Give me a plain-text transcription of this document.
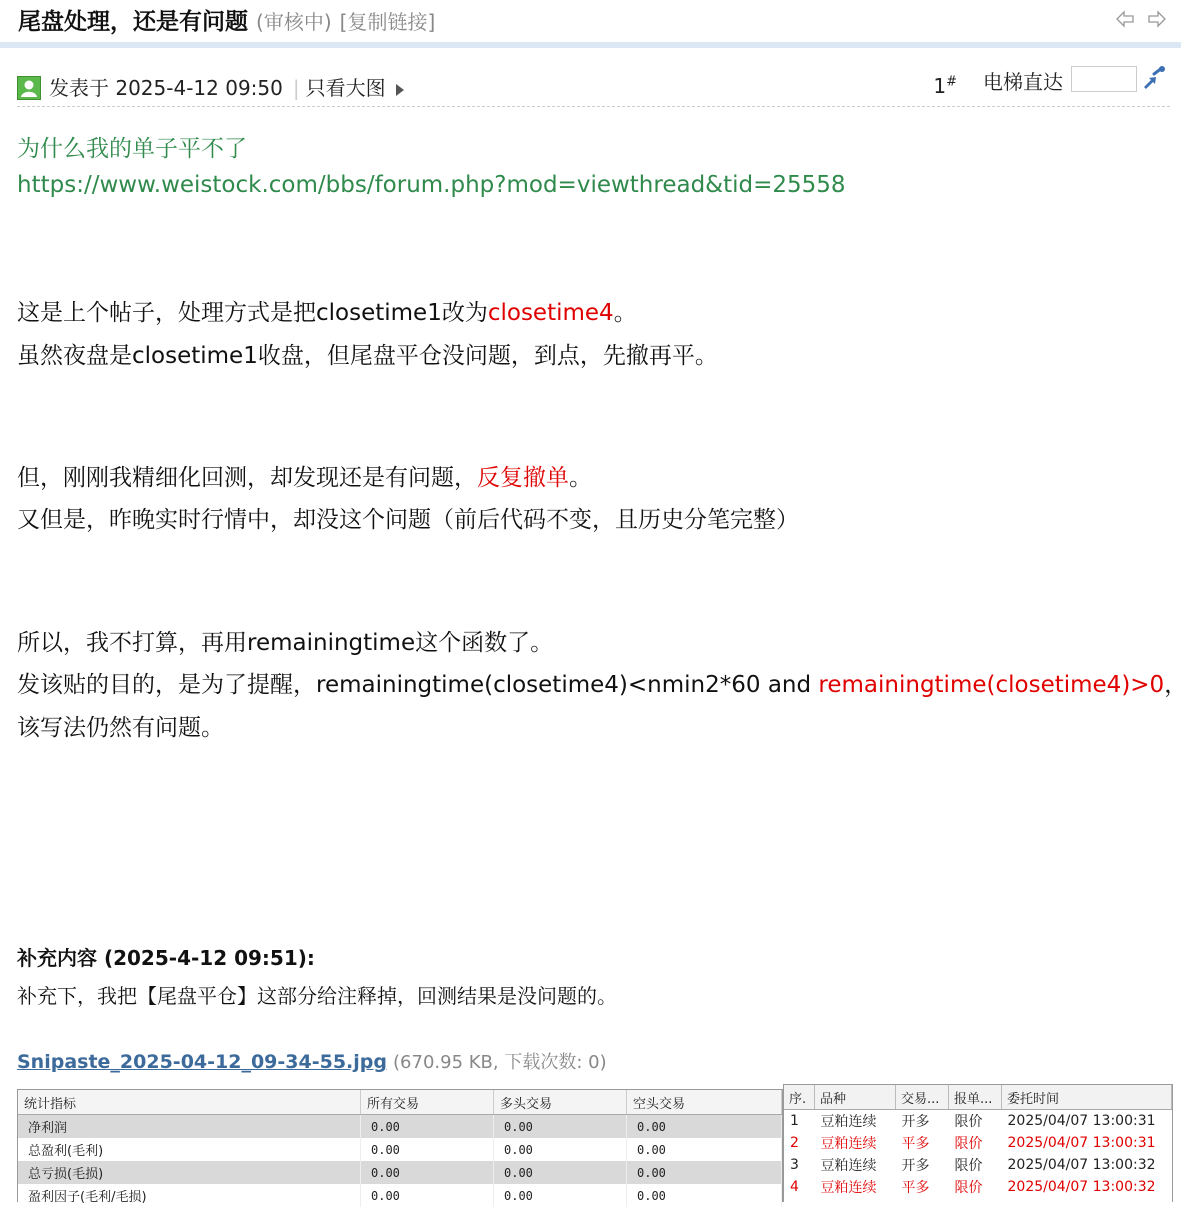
尾盘处理，还是有问题 (审核中) [复制链接]
发表于 2025-4-12 09:50 | 只看大图	1# 电梯直达
为什么我的单子平不了
https://www.weistock.com/bbs/forum.php?mod=viewthread&tid=25558
这是上个帖子，处理方式是把closetime1改为closetime4。
虽然夜盘是closetime1收盘，但尾盘平仓没问题，到点，先撤再平。
但，刚刚我精细化回测，却发现还是有问题，反复撤单。
又但是，昨晚实时行情中，却没这个问题（前后代码不变，且历史分笔完整）
所以，我不打算，再用remainingtime这个函数了。
发该贴的目的，是为了提醒，remainingtime(closetime4)<nmin2*60 and remainingtime(closetime4)>0，
该写法仍然有问题。
补充内容 (2025-4-12 09:51):
补充下，我把【尾盘平仓】这部分给注释掉，回测结果是没问题的。
Snipaste_2025-04-12_09-34-55.jpg (670.95 KB, 下载次数: 0)
统计指标	所有交易	多头交易	空头交易
净利润	0.00	0.00	0.00
总盈利(毛利)	0.00	0.00	0.00
总亏损(毛损)	0.00	0.00	0.00
盈利因子(毛利/毛损)	0.00	0.00	0.00
序.	品种	交易...	报单...	委托时间
1	豆粕连续	开多	限价	2025/04/07 13:00:31
2	豆粕连续	平多	限价	2025/04/07 13:00:31
3	豆粕连续	开多	限价	2025/04/07 13:00:32
4	豆粕连续	平多	限价	2025/04/07 13:00:32
